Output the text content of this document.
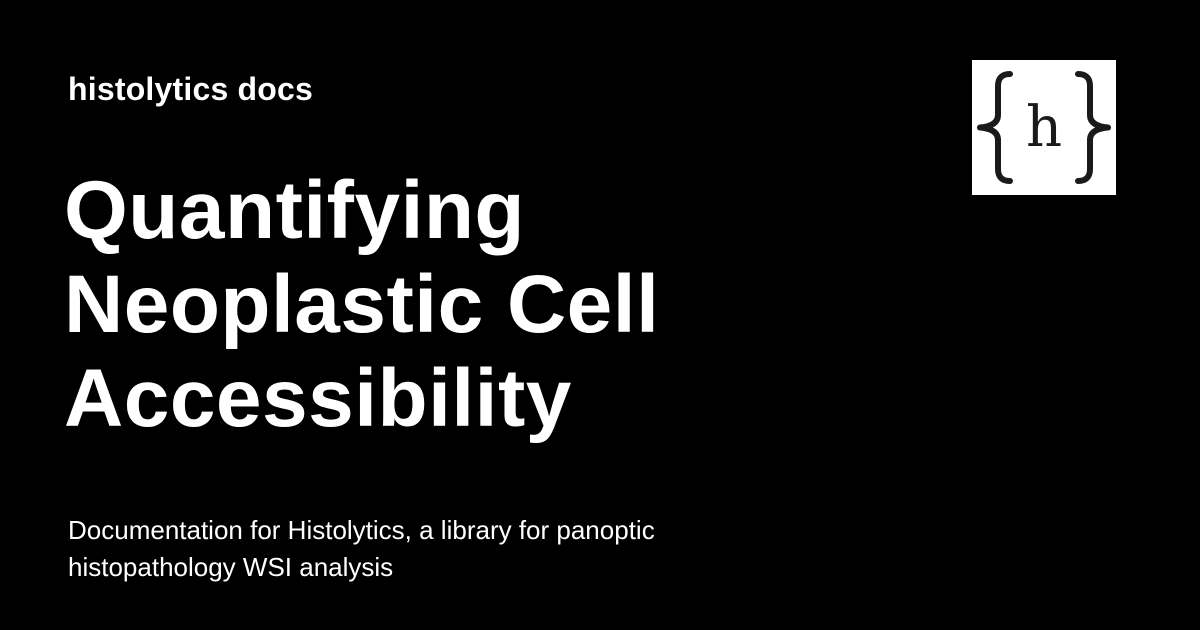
histolytics docs
Quantifying
Neoplastic Cell
Accessibility
Documentation for Histolytics, a library for panoptic
histopathology WSI analysis
h
